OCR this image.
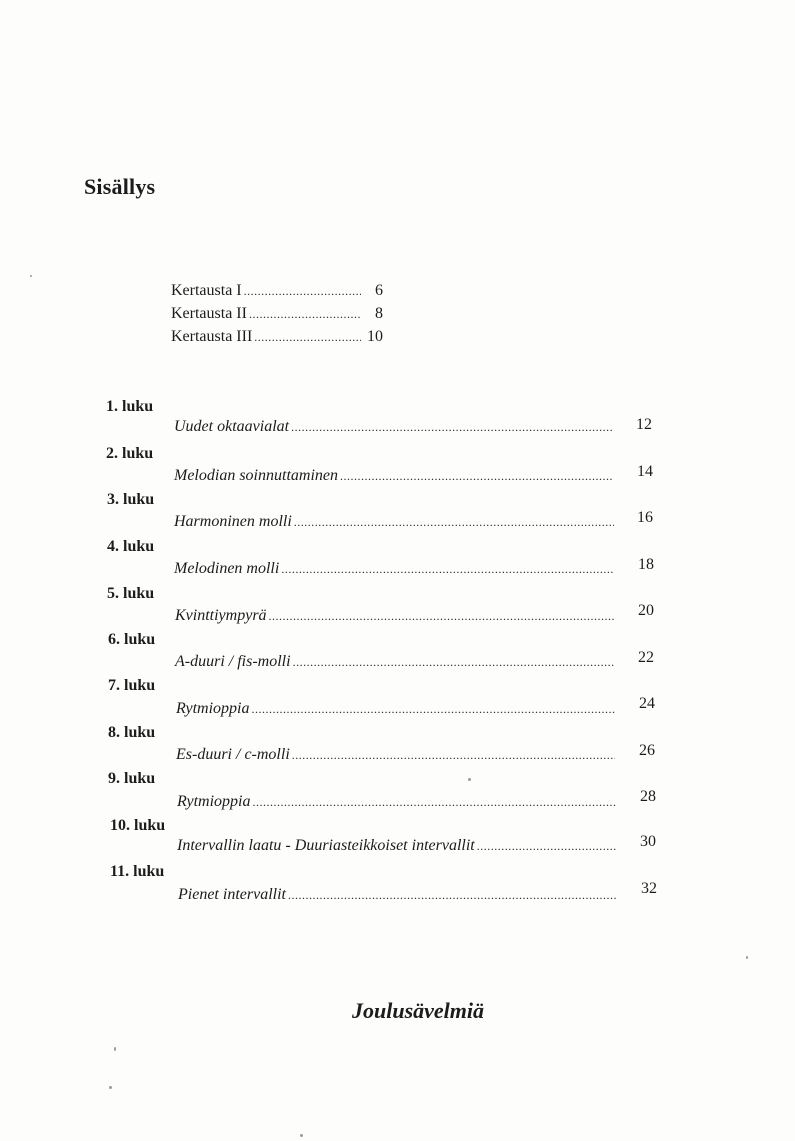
Sisällys
Kertausta I .....	6
Kertausta II .....	8
Kertausta III .....	10
1. luku
Uudet oktaavialat .....	12
2. luku
Melodian soinnuttaminen .....	14
3. luku
Harmoninen molli .....	16
4. luku
Melodinen molli .....	18
5. luku
Kvinttiympyrä .....	20
6. luku
A-duuri / fis-molli .....	22
7. luku
Rytmioppia .....	24
8. luku
Es-duuri / c-molli .....	26
9. luku
Rytmioppia .....	28
10. luku
Intervallin laatu - Duuriasteikkoiset intervallit .....	30
11. luku
Pienet intervallit .....	32
Joulusävelmiä
